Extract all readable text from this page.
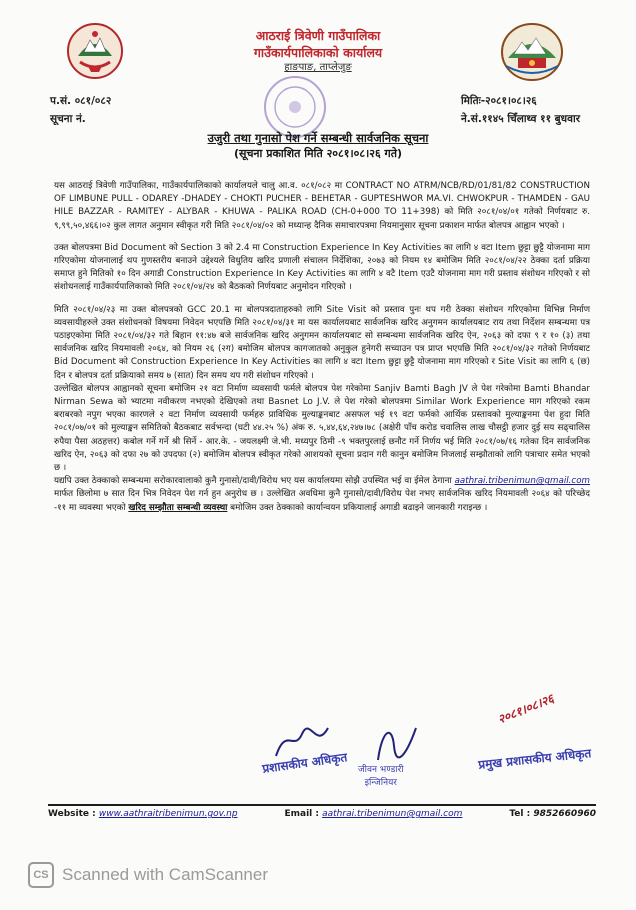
आठराई त्रिवेणी गाउँपालिका
गाउँकार्यपालिकाको कार्यालय
हाङपाङ, ताप्लेजुङ
प.सं. ०८१/०८२
सूचना नं.
मितिः-२०८१।०८।२६
ने.सं.११४५ चिँलाथ्व ११ बुधवार
उजुरी तथा गुनासो पेश गर्ने सम्बन्धी सार्वजनिक सूचना
(सूचना प्रकाशित मिति २०८१।०८।२६ गते)

यस आठराई त्रिवेणी गाउँपालिका, गाउँकार्यपालिकाको कार्यालयले चालु आ.व. ०८१/०८२ मा CONTRACT NO ATRM/NCB/RD/01/81/82 CONSTRUCTION OF LIMBUNE PULL - ODAREY -DHADEY - CHOKTI PUCHER - BEHETAR - GUPTESHWOR MA.VI. CHWOKPUR - THAMDEN - GAU HILE BAZZAR - RAMITEY - ALYBAR - KHUWA - PALIKA ROAD (CH-0+000 TO 11+398) को मिति २०८१/०४/०१ गतेको निर्णयबाट रु. ९,९९,५०,४६६।०२ कुल लागत अनुमान स्वीकृत गरी मिति २०८१/०४/०२ को मध्यान्ह दैनिक समाचारपत्रमा नियमानुसार सूचना प्रकाशन मार्फत बोलपत्र आह्वान भएको ।

उक्त बोलपत्रमा Bid Document को Section 3 को 2.4 मा Construction Experience In Key Activities का लागि ४ वटा Item छुट्टा छुट्टै योजनामा माग गरिएकोमा योजनालाई थप गुणस्तरीय बनाउने उद्देश्यले विधुतिय खरिद प्रणाली संचालन निर्देशिका, २०७३ को नियम १४ बमोजिम मिति २०८१/०४/२२ ठेक्का दर्ता प्रक्रिया समाप्त हुने मितिको १० दिन अगाडी Construction Experience In Key Activities का लागि ४ वटै Item एउटै योजनामा माग गरी प्रस्ताव संशोधन गरिएको र सो संशोधनलाई गाउँकार्यपालिकाको मिति २०८१/०४/२४ को बैठकको निर्णयबाट अनुमोदन गरिएको ।

मिति २०८१/०४/२३ मा उक्त बोलपत्रको GCC 20.1 मा बोलपत्रदाताहरुको लागि Site Visit को प्रस्ताव पुनः थप गरी ठेक्का संशोधन गरिएकोमा विभिन्न निर्माण व्यवसायीहरुले उक्त संशोधनको विषयमा निवेदन भएपछि मिति २०८१/०४/३१ मा यस कार्यालयबाट सार्वजनिक खरिद अनुगमन कार्यालयबाट राय तथा निर्देशन सम्बन्धमा पत्र पठाइएकोमा मिति २०८१/०४/३२ गते बिहान ११:४७ बजे सार्वजनिक खरिद अनुगमन कार्यालयबाट सो सम्बन्धमा सार्वजनिक खरिद ऐन, २०६३ को दफा ९ र १० (३) तथा सार्वजनिक खरिद नियमावली २०६४, को नियम २६ (२ग) बमोजिम बोलपत्र कागजातको अनुकुल हुनेगरी सच्याउन पत्र प्राप्त भएपछि मिति २०८१/०४/३२ गतेको निर्णयबाट Bid Document को Construction Experience In Key Activities का लागि ४ वटा Item छुट्टा छुट्टै योजनामा माग गरिएको र Site Visit का लागि ६ (छ) दिन र बोलपत्र दर्ता प्रक्रियाको समय ७ (सात) दिन समय थप गरी संशोधन गरिएको ।

उल्लेखित बोलपत्र आह्वानको सूचना बमोजिम २१ वटा निर्माण व्यवसायी फर्मले बोलपत्र पेश गरेकोमा Sanjiv Bamti Bagh JV ले पेश गरेकोमा Bamti Bhandar Nirman Sewa को भ्याटमा नवीकरण नभएको देखिएको तथा Basnet Lo J.V. ले पेश गरेको बोलपत्रमा Similar Work Experience माग गरिएको रकम बराबरको नपुग भएका कारणले २ वटा निर्माण व्यवसायी फर्महरु प्राविधिक मुल्याङ्कनबाट असफल भई १९ वटा फर्मको आर्थिक प्रस्तावको मुल्याङ्कनमा पेश हुदा मिति २०८१/०७/०१ को मुल्याङ्कन समितिको बैठकबाट सर्वभन्दा (घटी ४४.२५ %) अंक रु. ५,४४,६४,२४७।७८ (अक्षेरी पाँच करोड चवालिस लाख चौसट्ठी हजार दुई सय सढ्चालिस रुपैया पैसा अठहत्तर) कबोल गर्ने गर्ने श्री सिर्ने - आर.के. - जयलक्ष्मी जे.भी. मध्यपुर ठिमी -९ भक्तपुरलाई छनौट गर्ने निर्णय भई मिति २०८१/०७/१६ गतेका दिन सार्वजनिक खरिद ऐन, २०६३ को दफा २७ को उपदफा (२) बमोजिम बोलपत्र स्वीकृत गरेको आशयको सूचना प्रदान गरी कानुन बमोजिम निजलाई सम्झौताको लागि पत्राचार समेत भएको छ ।

यद्यपि उक्त ठेक्काको सम्बन्धमा सरोकारवालाको कुनै गुनासो/दावी/विरोध भए यस कार्यालयमा सोझै उपस्थित भई वा ईमेल ठेगाना aathrai.tribenimun@gmail.com मार्फत छिलोमा ७ सात दिन भित्र निवेदन पेश गर्न हुन अनुरोध छ । उल्लेखित अवधिमा कुनै गुनासो/दावी/विरोध पेश नभए सार्वजनिक खरिद नियमावली २०६४ को परिच्छेद -११ मा व्यवस्था भएको खरिद सम्झौता सम्बन्धी व्यवस्था बमोजिम उक्त ठेक्काको कार्यान्वयन प्रकियालाई अगाडी बढाइने जानकारी गराइन्छ ।

२०८१।०८।२६
प्रशासकीय अधिकृत जीवन भण्डारी
इन्जिनियर
प्रमुख प्रशासकीय अधिकृत
Website : www.aathraitribenimun.gov.np	Email : aathrai.tribenimun@gmail.com	Tel : 9852660960
CS Scanned with CamScanner
